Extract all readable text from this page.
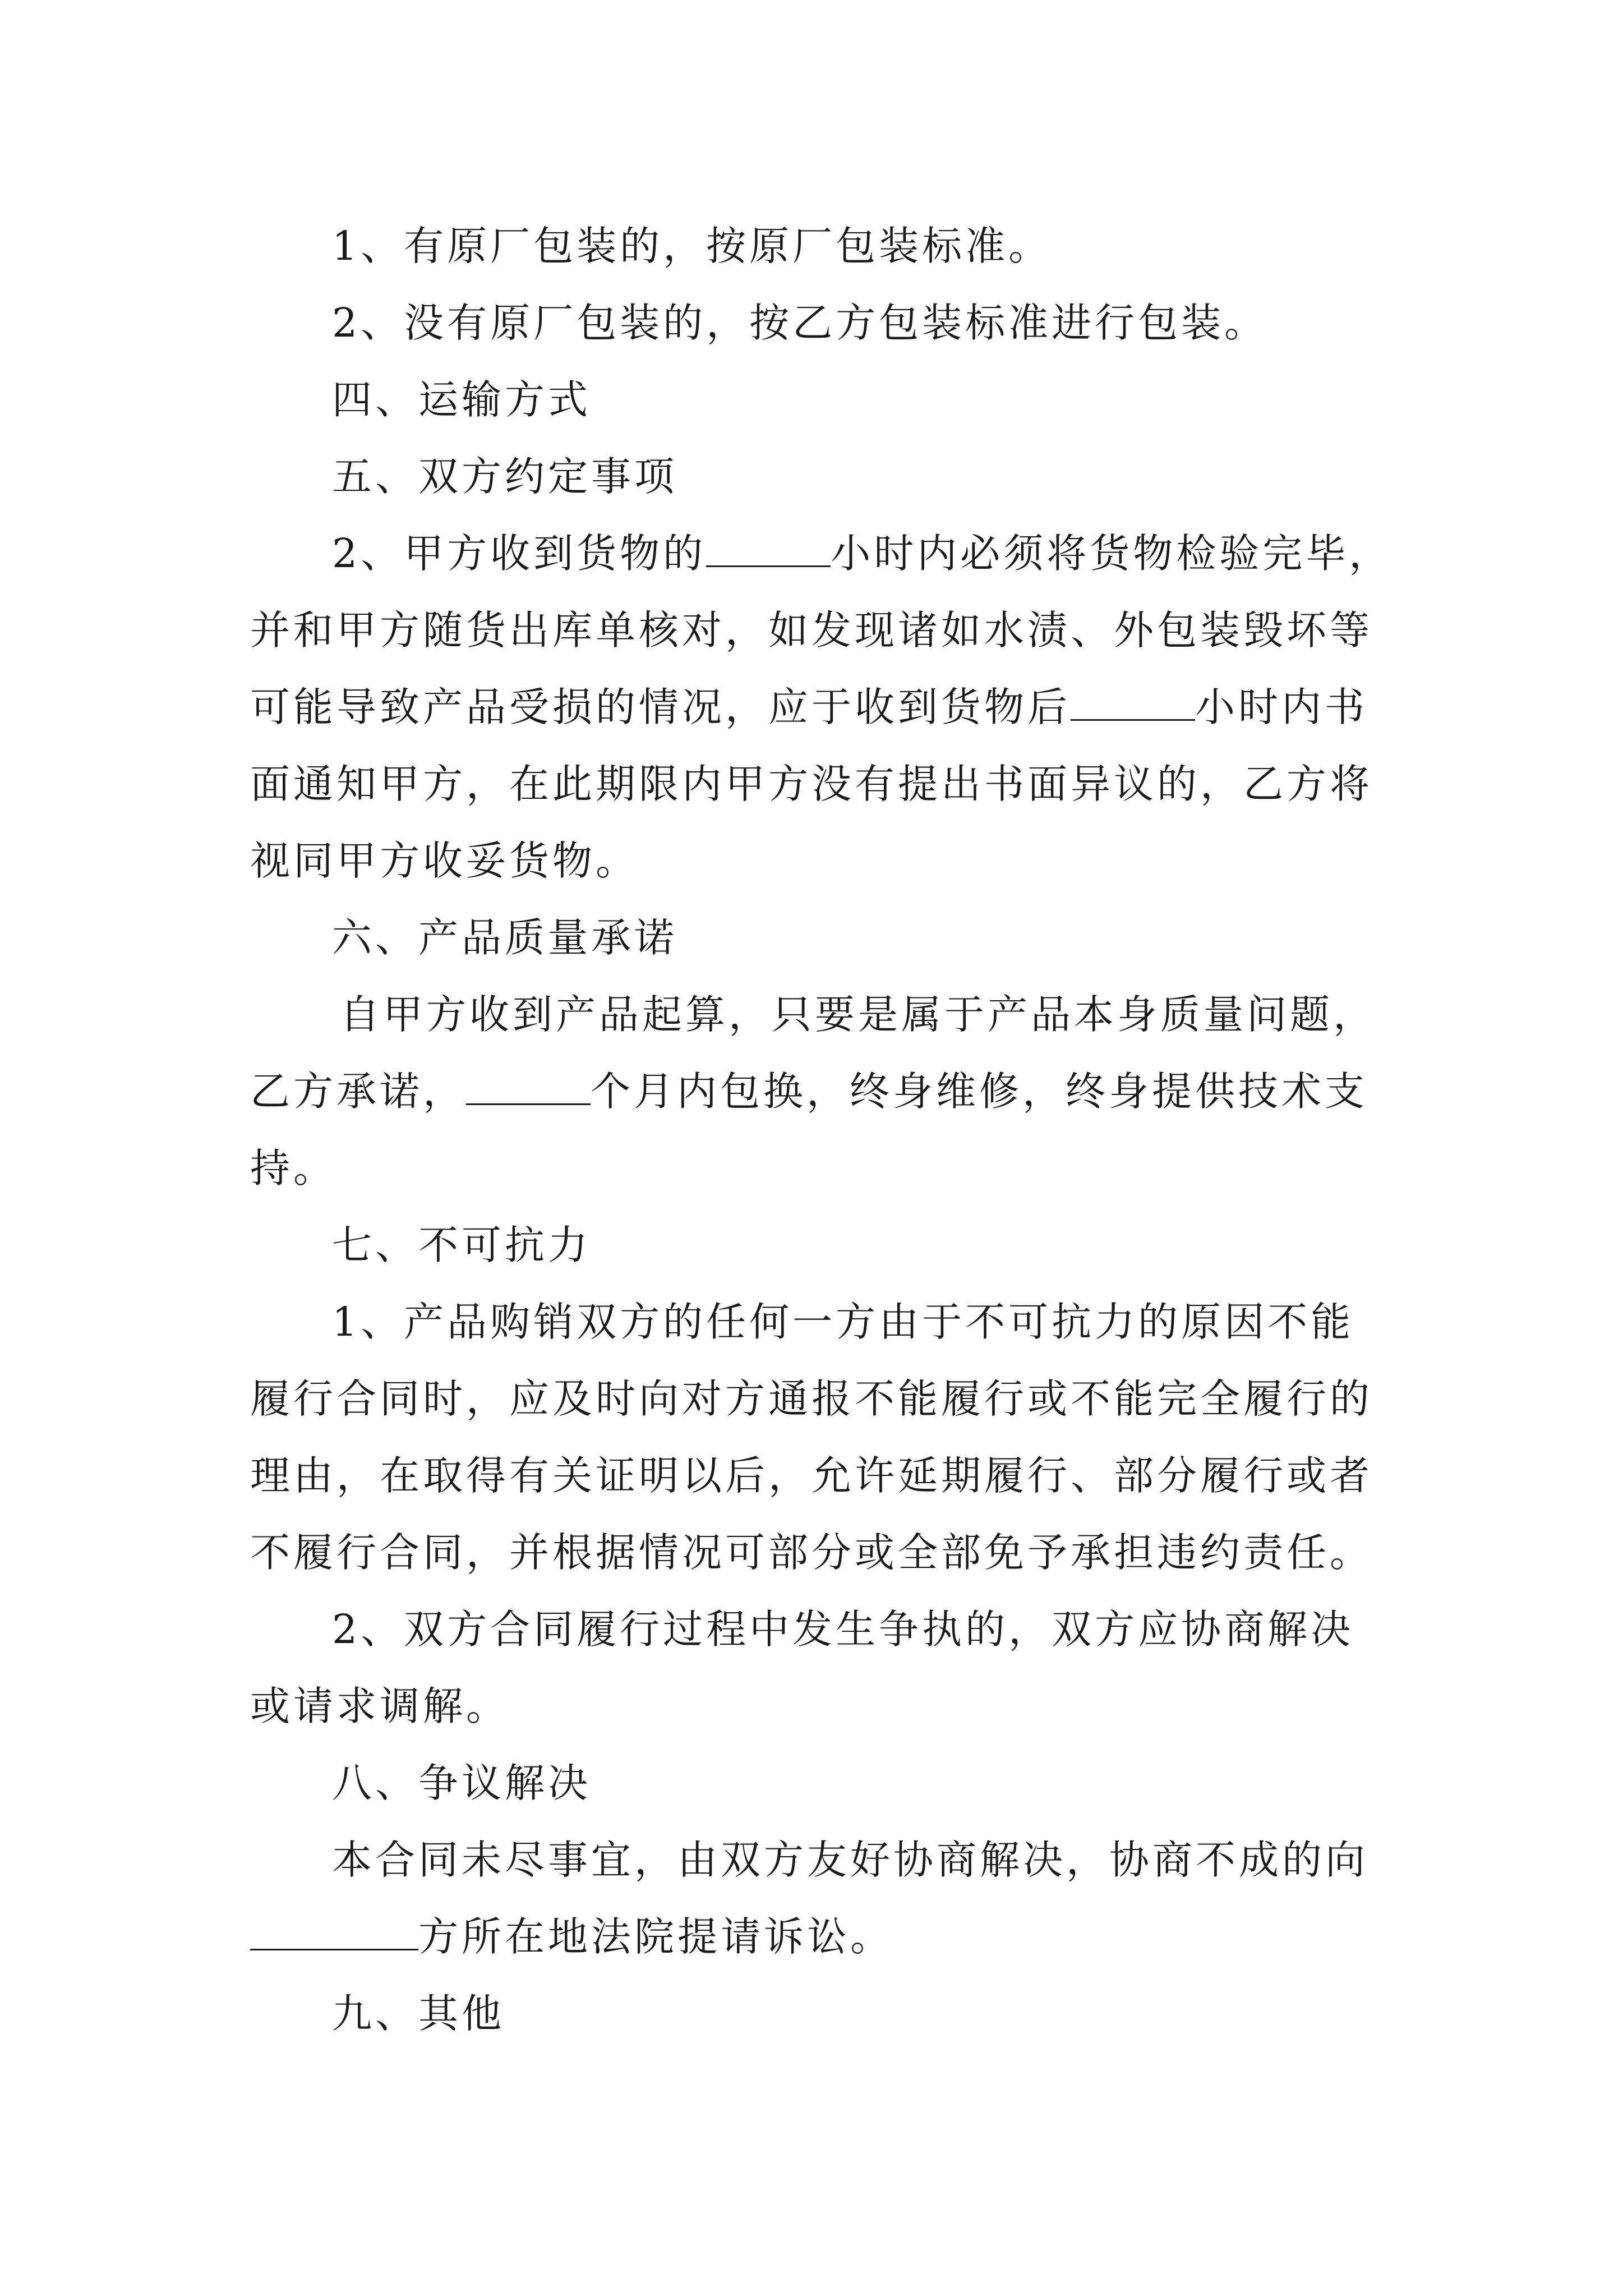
1、有原厂包装的，按原厂包装标准。

2、没有原厂包装的，按乙方包装标准进行包装。

四、运输方式

五、双方约定事项

2、甲方收到货物的	小时内必须将货物检验完毕，并和甲方随货出库单核对，如发现诸如水渍、外包装毁坏等可能导致产品受损的情况，应于收到货物后	小时内书面通知甲方，在此期限内甲方没有提出书面异议的，乙方将视同甲方收妥货物。

六、产品质量承诺

自甲方收到产品起算，只要是属于产品本身质量问题，乙方承诺，	个月内包换，终身维修，终身提供技术支持。

七、不可抗力

1、产品购销双方的任何一方由于不可抗力的原因不能履行合同时，应及时向对方通报不能履行或不能完全履行的理由，在取得有关证明以后，允许延期履行、部分履行或者不履行合同，并根据情况可部分或全部免予承担违约责任。

2、双方合同履行过程中发生争执的，双方应协商解决或请求调解。

八、争议解决

本合同未尽事宜，由双方友好协商解决，协商不成的向方所在地法院提请诉讼。

九、其他
